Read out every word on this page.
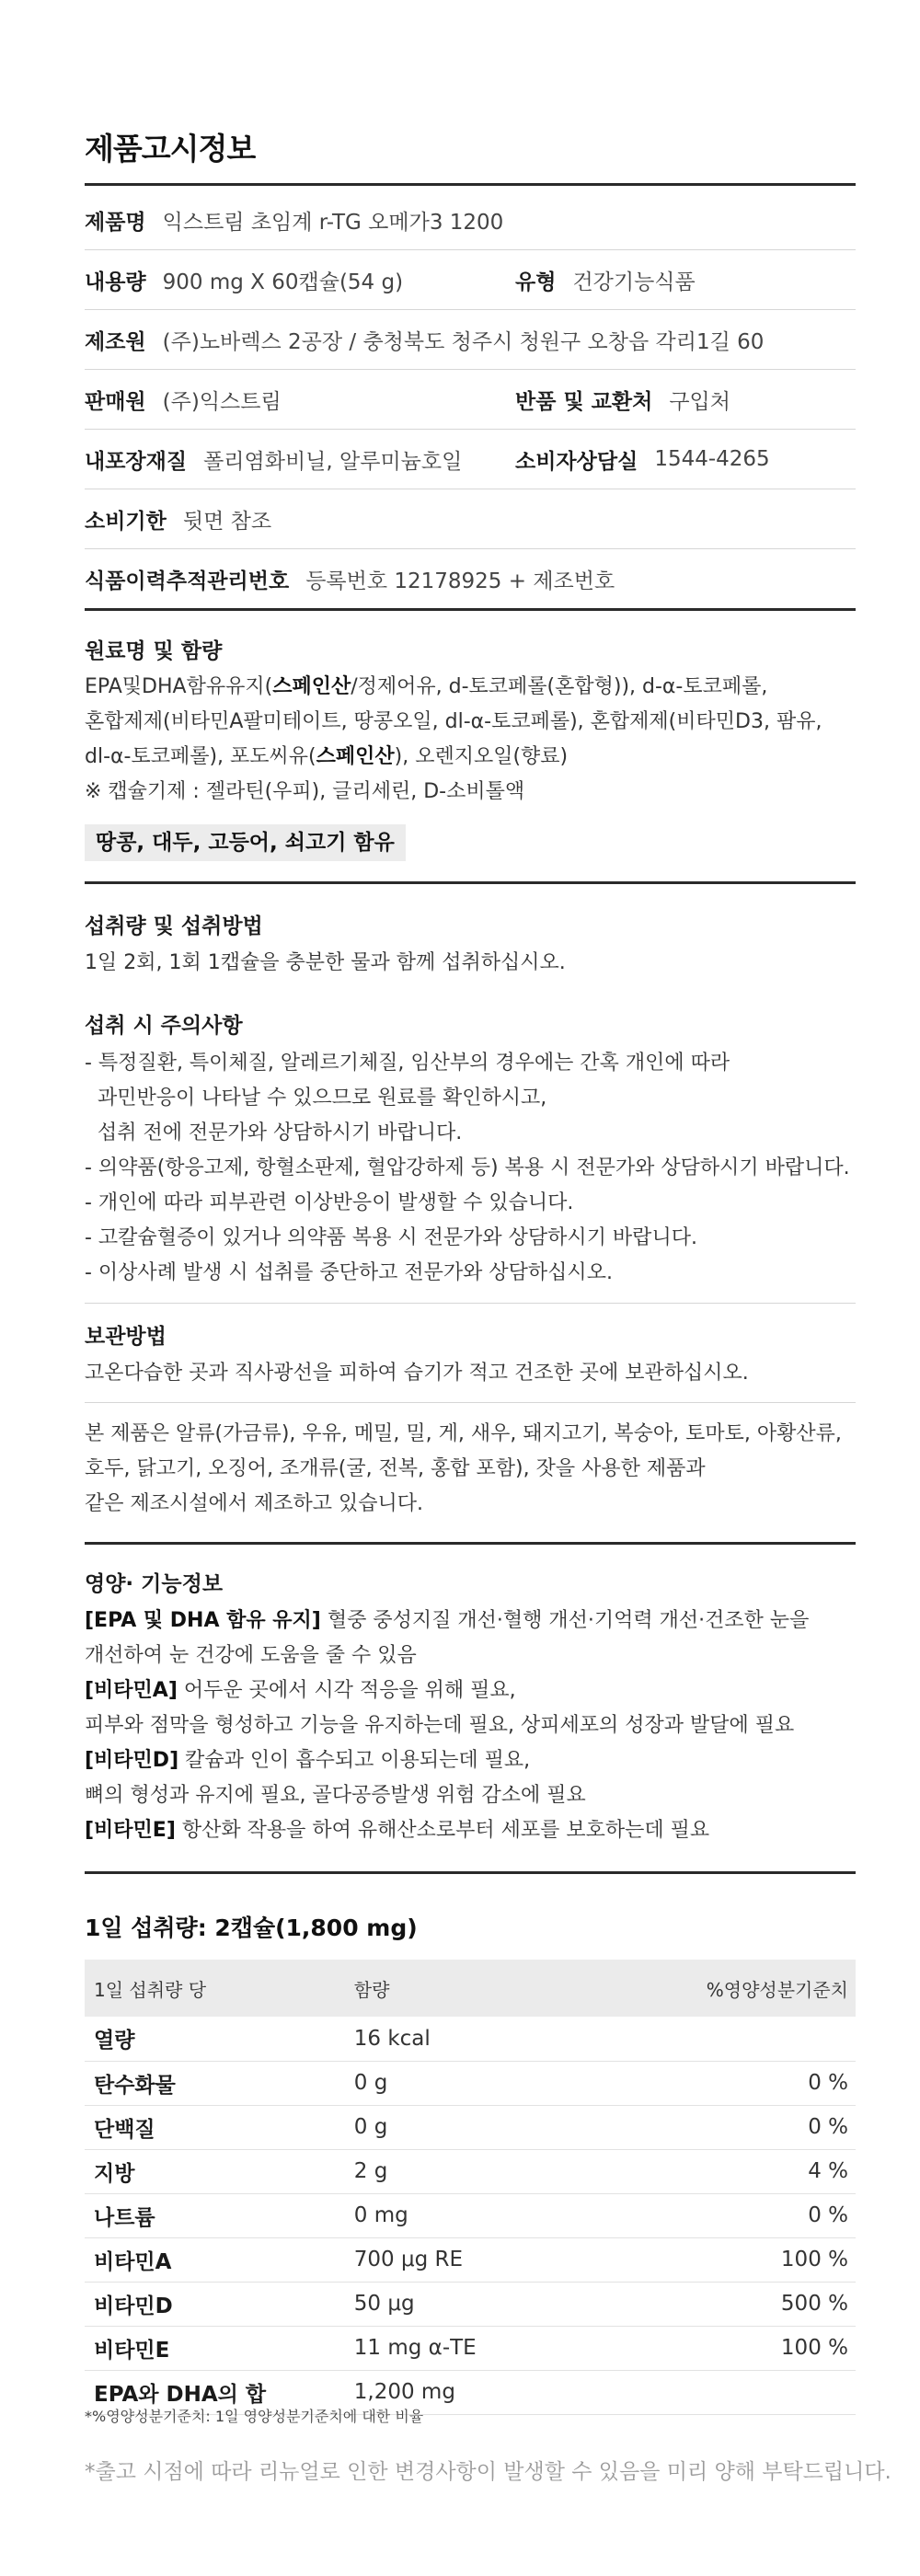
제품고시정보
제품명 익스트림 초임계 r-TG 오메가3 1200
내용량 900 mg X 60캡슐(54 g)	유형 건강기능식품
제조원 (주)노바렉스 2공장 / 충청북도 청주시 청원구 오창읍 각리1길 60
판매원 (주)익스트림	반품 및 교환처 구입처
내포장재질 폴리염화비닐, 알루미늄호일	소비자상담실 1544-4265
소비기한 뒷면 참조
식품이력추적관리번호 등록번호 12178925 + 제조번호
원료명 및 함량

EPA및DHA함유유지(스페인산/정제어유, d-토코페롤(혼합형)), d-α-토코페롤,

혼합제제(비타민A팔미테이트, 땅콩오일, dl-α-토코페롤), 혼합제제(비타민D3, 팜유,

dl-α-토코페롤), 포도씨유(스페인산), 오렌지오일(향료)

※ 캡슐기제 : 젤라틴(우피), 글리세린, D-소비톨액

땅콩, 대두, 고등어, 쇠고기 함유
섭취량 및 섭취방법

1일 2회, 1회 1캡슐을 충분한 물과 함께 섭취하십시오.

섭취 시 주의사항

- 특정질환, 특이체질, 알레르기체질, 임산부의 경우에는 간혹 개인에 따라

과민반응이 나타날 수 있으므로 원료를 확인하시고,

섭취 전에 전문가와 상담하시기 바랍니다.

- 의약품(항응고제, 항혈소판제, 혈압강하제 등) 복용 시 전문가와 상담하시기 바랍니다.

- 개인에 따라 피부관련 이상반응이 발생할 수 있습니다.

- 고칼슘혈증이 있거나 의약품 복용 시 전문가와 상담하시기 바랍니다.

- 이상사례 발생 시 섭취를 중단하고 전문가와 상담하십시오.

보관방법

고온다습한 곳과 직사광선을 피하여 습기가 적고 건조한 곳에 보관하십시오.

본 제품은 알류(가금류), 우유, 메밀, 밀, 게, 새우, 돼지고기, 복숭아, 토마토, 아황산류,

호두, 닭고기, 오징어, 조개류(굴, 전복, 홍합 포함), 잣을 사용한 제품과

같은 제조시설에서 제조하고 있습니다.

영양· 기능정보

[EPA 및 DHA 함유 유지] 혈중 중성지질 개선·혈행 개선·기억력 개선·건조한 눈을

개선하여 눈 건강에 도움을 줄 수 있음

[비타민A] 어두운 곳에서 시각 적응을 위해 필요,

피부와 점막을 형성하고 기능을 유지하는데 필요, 상피세포의 성장과 발달에 필요

[비타민D] 칼슘과 인이 흡수되고 이용되는데 필요,

뼈의 형성과 유지에 필요, 골다공증발생 위험 감소에 필요

[비타민E] 항산화 작용을 하여 유해산소로부터 세포를 보호하는데 필요

1일 섭취량: 2캡슐(1,800 mg)
1일 섭취량 당	함량	%영양성분기준치
열량	16 kcal	
탄수화물	0 g	0 %
단백질	0 g	0 %
지방	2 g	4 %
나트륨	0 mg	0 %
비타민A	700 μg RE	100 %
비타민D	50 μg	500 %
비타민E	11 mg α-TE	100 %
EPA와 DHA의 합	1,200 mg	
*%영양성분기준치: 1일 영양성분기준치에 대한 비율
*출고 시점에 따라 리뉴얼로 인한 변경사항이 발생할 수 있음을 미리 양해 부탁드립니다.
